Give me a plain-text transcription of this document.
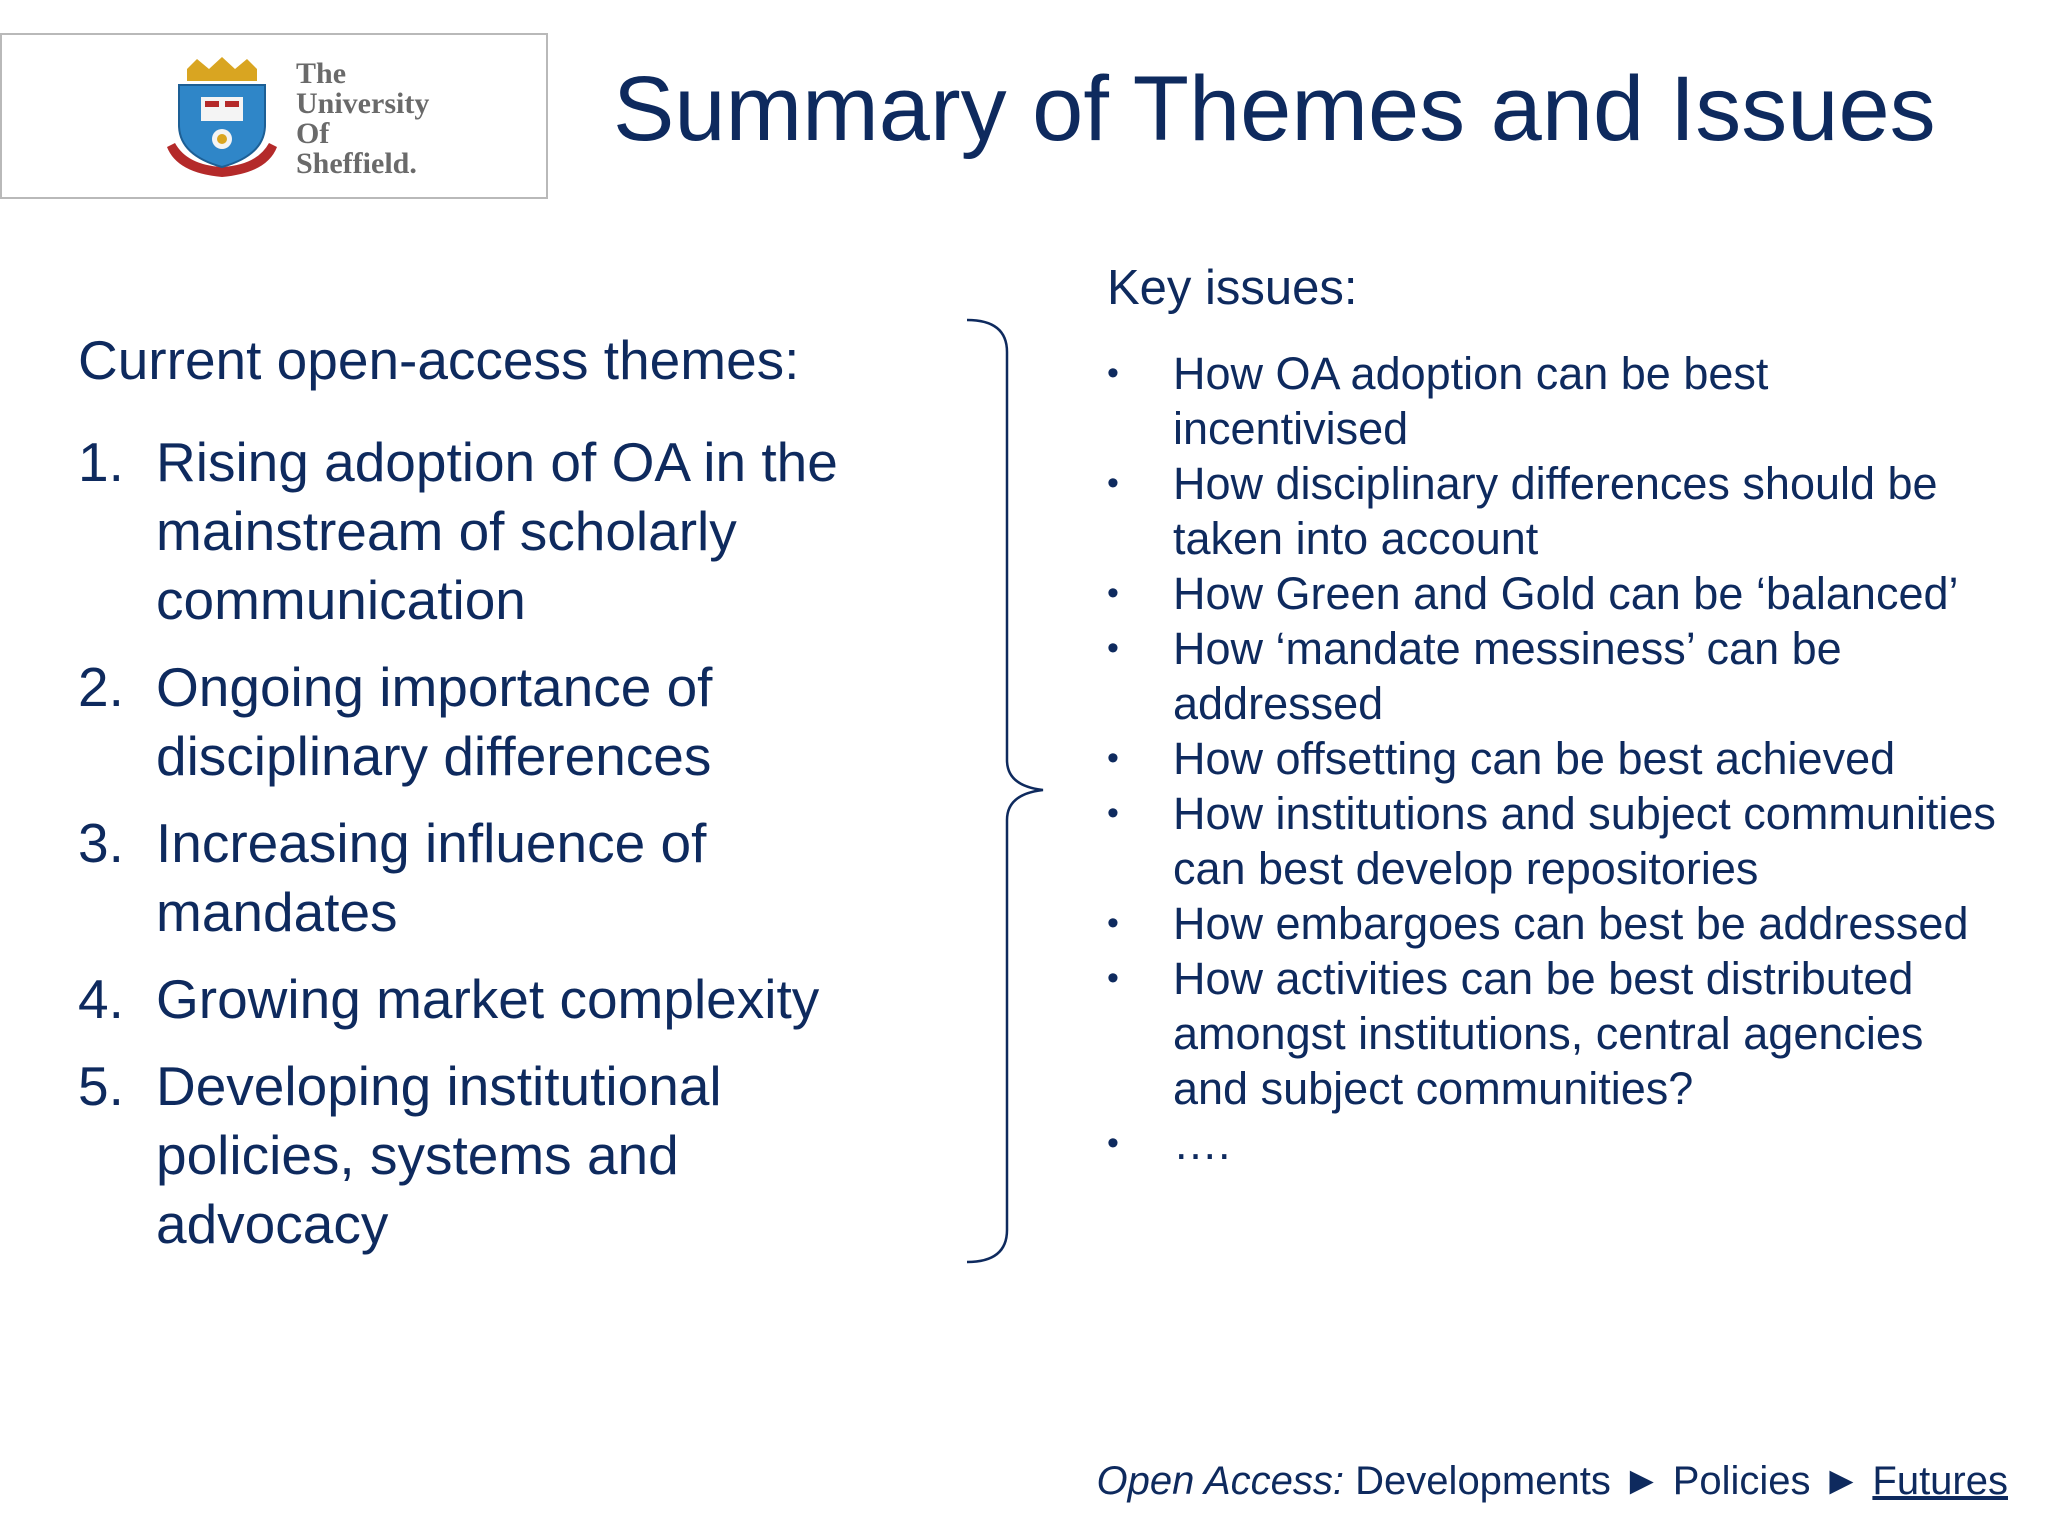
The
University
Of
Sheffield.
Summary of Themes and Issues
Current open-access themes:
1. Rising adoption of OA in the mainstream of scholarly communication
2. Ongoing importance of disciplinary differences
3. Increasing influence of mandates
4. Growing market complexity
5. Developing institutional policies, systems and advocacy
Key issues:
•	How OA adoption can be best incentivised
•	How disciplinary differences should be taken into account
•	How Green and Gold can be ‘balanced’
•	How ‘mandate messiness’ can be addressed
•	How offsetting can be best achieved
•	How institutions and subject communities can best develop repositories
•	How embargoes can best be addressed
•	How activities can be best distributed amongst institutions, central agencies and subject communities?
•	….
Open Access: Developments ► Policies ► Futures
